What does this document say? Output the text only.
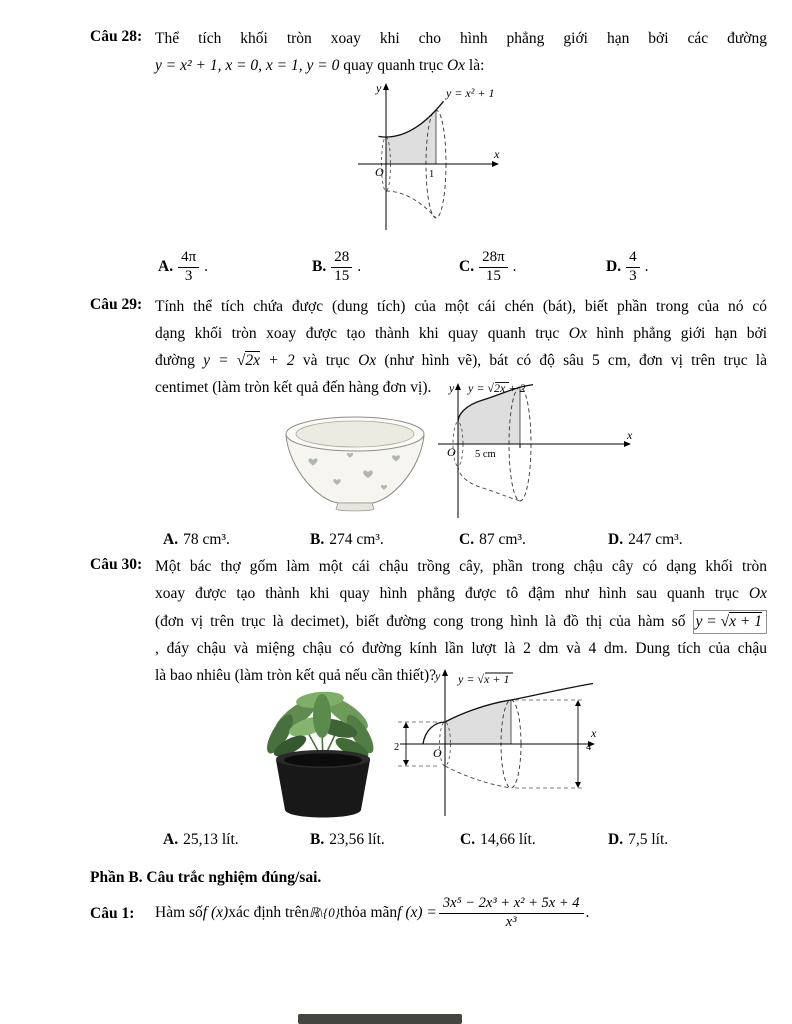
Câu 28: Thể tích khối tròn xoay khi cho hình phẳng giới hạn bởi các đường
y = x² + 1, x = 0, x = 1, y = 0 quay quanh trục Ox là:
y
x
O	1
y = x² + 1
A. $\frac{4\pi}{3}$ .	B. $\frac{28}{15}$ .	C. $\frac{28\pi}{15}$ .	D. $\frac{4}{3}$ .
Câu 29: Tính thể tích chứa được (dung tích) của một cái chén (bát), biết phần trong của nó có
dạng khối tròn xoay được tạo thành khi quay quanh trục Ox hình phẳng giới hạn bởi
đường y = √2x + 2 và trục Ox (như hình vẽ), bát có độ sâu 5 cm, đơn vị trên trục là
centimet (làm tròn kết quả đến hàng đơn vị).	y
x
O 5 cm
y = √2x + 2
A. 78 cm³.	B. 274 cm³.	C. 87 cm³.	D. 247 cm³.
Câu 30: Một bác thợ gốm làm một cái chậu trồng cây, phần trong chậu cây có dạng khối tròn
xoay được tạo thành khi quay hình phẳng được tô đậm như hình sau quanh trục Ox
(đơn vị trên trục là decimet), biết đường cong trong hình là đồ thị của hàm số y = √x + 1
, đáy chậu và miệng chậu có đường kính lần lượt là 2 dm và 4 dm. Dung tích của chậu
là bao nhiêu (làm tròn kết quả nếu cần thiết)?
2	4
y
x
O
y = √x + 1
A. 25,13 lít.	B. 23,56 lít.	C. 14,66 lít.	D. 7,5 lít.
Phần B. Câu trắc nghiệm đúng/sai.
Câu 1: Hàm số f (x) xác định trên ℝ\{0} thỏa mãn f $(x) = \frac{\text{3x⁵ − 2x³ + x² + 5x + 4}}{\text{x³}}$ .
